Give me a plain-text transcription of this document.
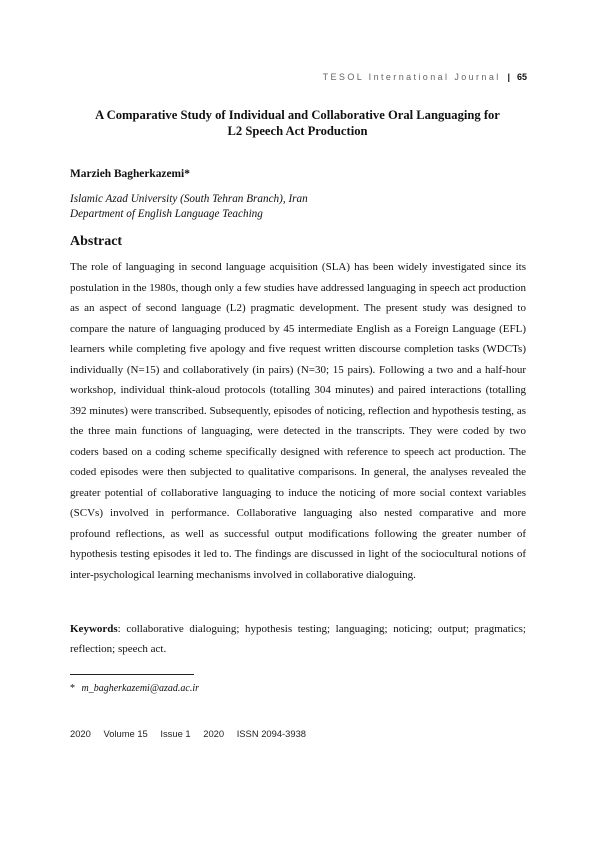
TESOL International Journal | 65
A Comparative Study of Individual and Collaborative Oral Languaging for
L2 Speech Act Production
Marzieh Bagherkazemi*
Islamic Azad University (South Tehran Branch), Iran
Department of English Language Teaching
Abstract

The role of languaging in second language acquisition (SLA) has been widely investigated since its postulation in the 1980s, though only a few studies have addressed languaging in speech act production as an aspect of second language (L2) pragmatic development. The present study was designed to compare the nature of languaging produced by 45 intermediate English as a Foreign Language (EFL) learners while completing five apology and five request written discourse completion tasks (WDCTs) individually (N=15) and collaboratively (in pairs) (N=30; 15 pairs). Following a two and a half-hour workshop, individual think-aloud protocols (totalling 304 minutes) and paired interactions (totalling 392 minutes) were transcribed. Subsequently, episodes of noticing, reflection and hypothesis testing, as the three main functions of languaging, were detected in the transcripts. They were coded by two coders based on a coding scheme specifically designed with reference to speech act production. The coded episodes were then subjected to qualitative comparisons. In general, the analyses revealed the greater potential of collaborative languaging to induce the noticing of more social context variables (SCVs) involved in performance. Collaborative languaging also nested comparative and more profound reflections, as well as successful output modifications following the greater number of hypothesis testing episodes it led to. The findings are discussed in light of the sociocultural notions of inter-psychological learning mechanisms involved in collaborative dialoguing.

Keywords: collaborative dialoguing; hypothesis testing; languaging; noticing; output; pragmatics; reflection; speech act.

* m_bagherkazemi@azad.ac.ir
2020 Volume 15 Issue 1 2020 ISSN 2094-3938
